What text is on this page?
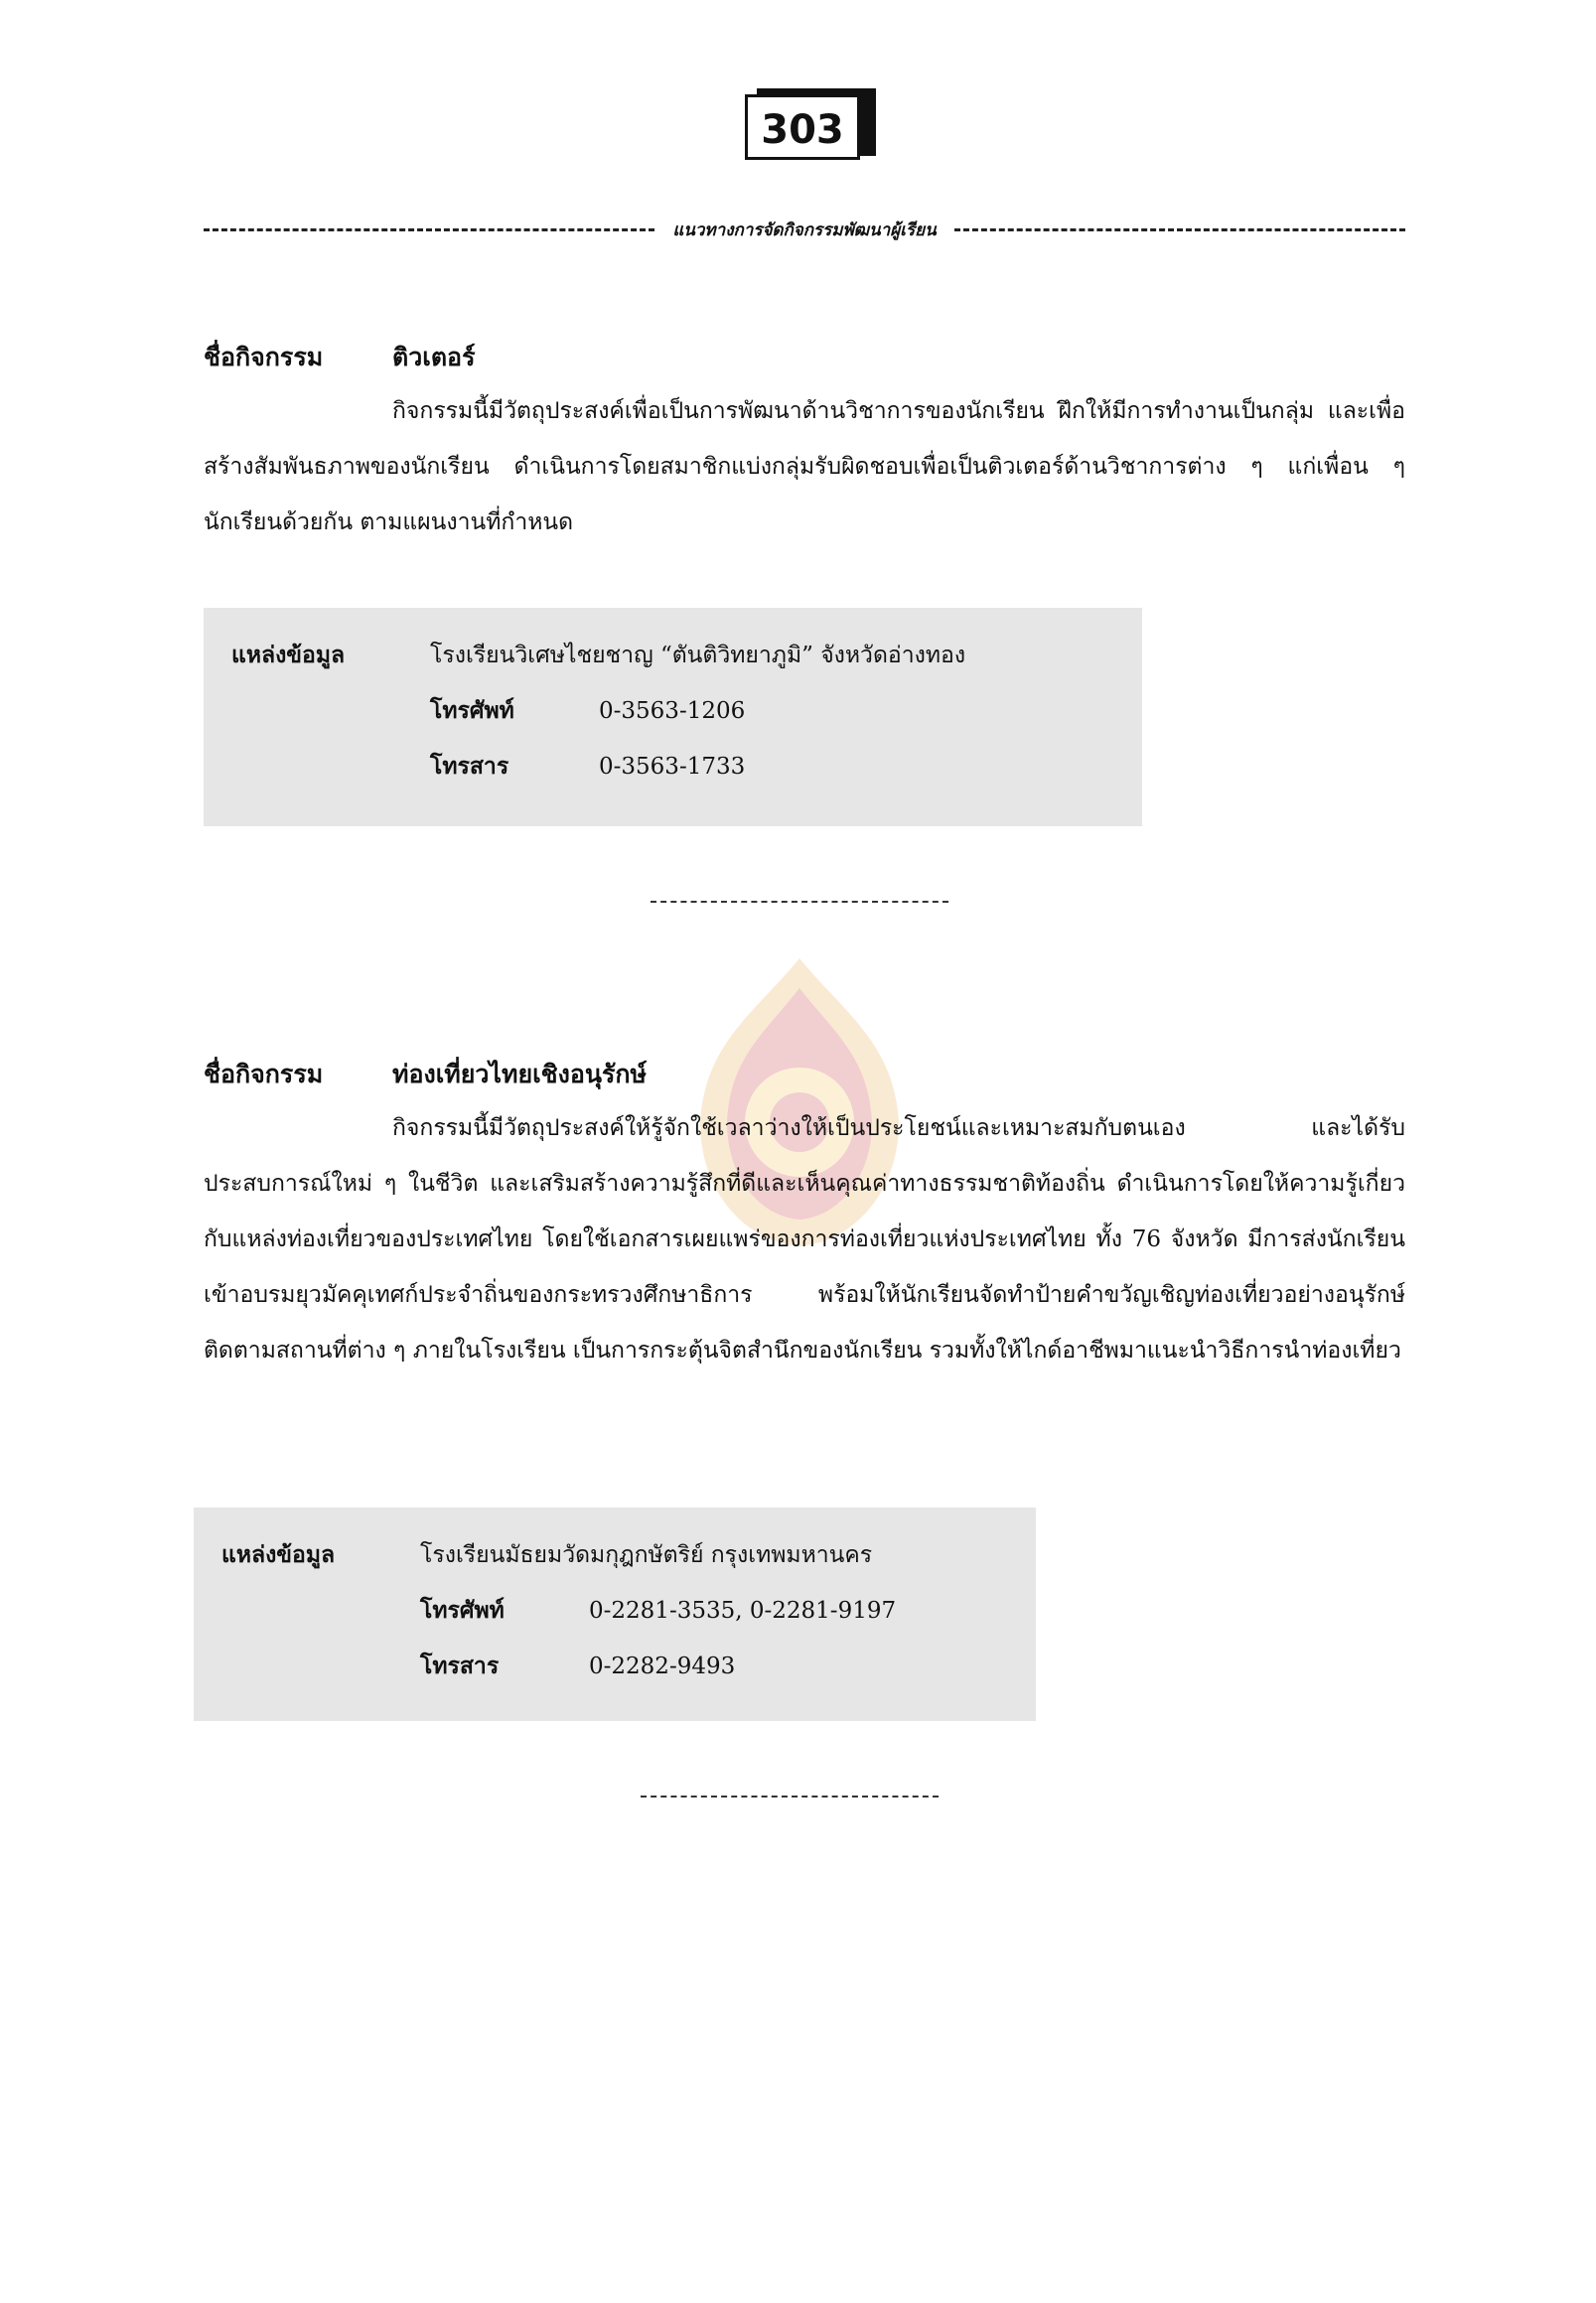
303
แนวทางการจัดกิจกรรมพัฒนาผู้เรียน
ชื่อกิจกรรม	ติวเตอร์

กิจกรรมนี้มีวัตถุประสงค์เพื่อเป็นการพัฒนาด้านวิชาการของนักเรียน ฝึกให้มีการทำงานเป็นกลุ่ม และเพื่อสร้างสัมพันธภาพของนักเรียน ดำเนินการโดยสมาชิกแบ่งกลุ่มรับผิดชอบเพื่อเป็นติวเตอร์ด้านวิชาการต่าง ๆ แก่เพื่อน ๆ นักเรียนด้วยกัน ตามแผนงานที่กำหนด

แหล่งข้อมูล	โรงเรียนวิเศษไชยชาญ “ตันติวิทยาภูมิ” จังหวัดอ่างทอง
โทรศัพท์	0-3563-1206
โทรสาร	0-3563-1733
ชื่อกิจกรรม	ท่องเที่ยวไทยเชิงอนุรักษ์

กิจกรรมนี้มีวัตถุประสงค์ให้รู้จักใช้เวลาว่างให้เป็นประโยชน์และเหมาะสมกับตนเอง และได้รับประสบการณ์ใหม่ ๆ ในชีวิต และเสริมสร้างความรู้สึกที่ดีและเห็นคุณค่าทางธรรมชาติท้องถิ่น ดำเนินการโดยให้ความรู้เกี่ยวกับแหล่งท่องเที่ยวของประเทศไทย โดยใช้เอกสารเผยแพร่ของการท่องเที่ยวแห่งประเทศไทย ทั้ง 76 จังหวัด มีการส่งนักเรียนเข้าอบรมยุวมัคคุเทศก์ประจำถิ่นของกระทรวงศึกษาธิการ พร้อมให้นักเรียนจัดทำป้ายคำขวัญเชิญท่องเที่ยวอย่างอนุรักษ์ติดตามสถานที่ต่าง ๆ ภายในโรงเรียน เป็นการกระตุ้นจิตสำนึกของนักเรียน รวมทั้งให้ไกด์อาชีพมาแนะนำวิธีการนำท่องเที่ยว

แหล่งข้อมูล	โรงเรียนมัธยมวัดมกุฎกษัตริย์ กรุงเทพมหานคร
โทรศัพท์	0-2281-3535, 0-2281-9197
โทรสาร	0-2282-9493
